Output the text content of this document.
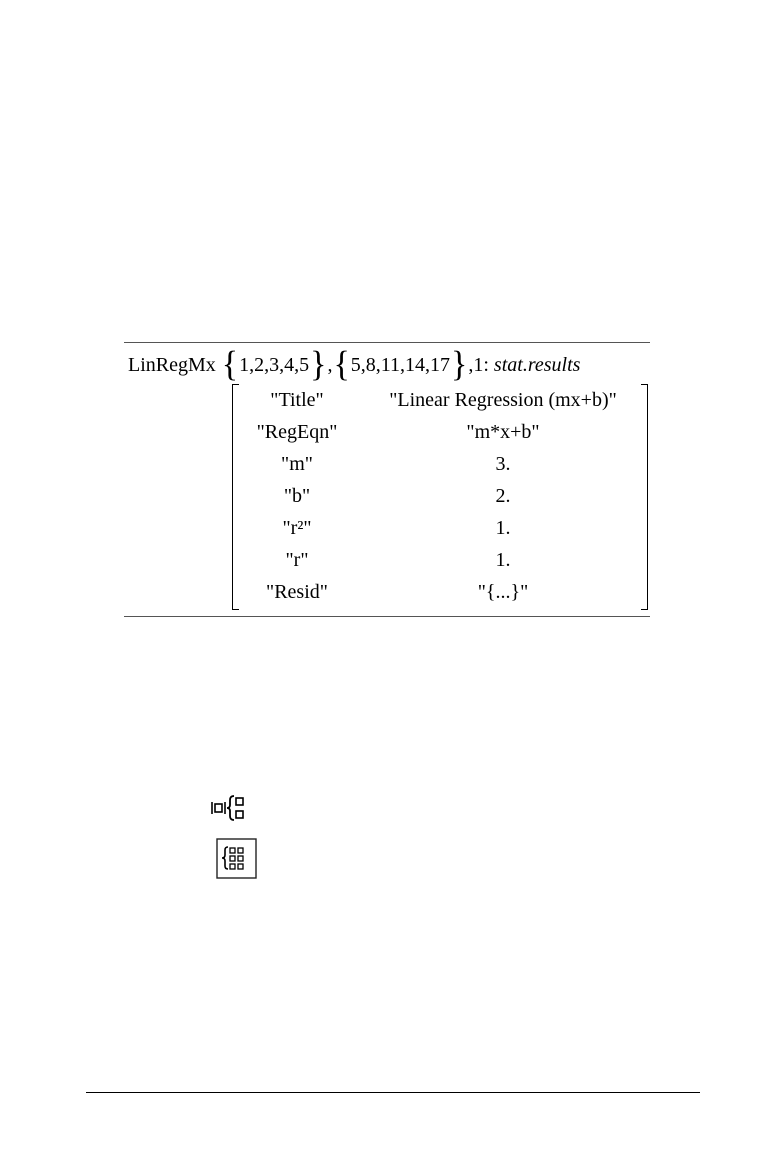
LinRegMx
{ 1,2,3,4,5 } , { 5,8,11,14,17 } ,1: stat.results
"Title"	"Linear Regression (mx+b)"
"RegEqn"	"m*x+b"
"m"	3.
"b"	2.
"r²"	1.
"r"	1.
"Resid"	"{...}"
